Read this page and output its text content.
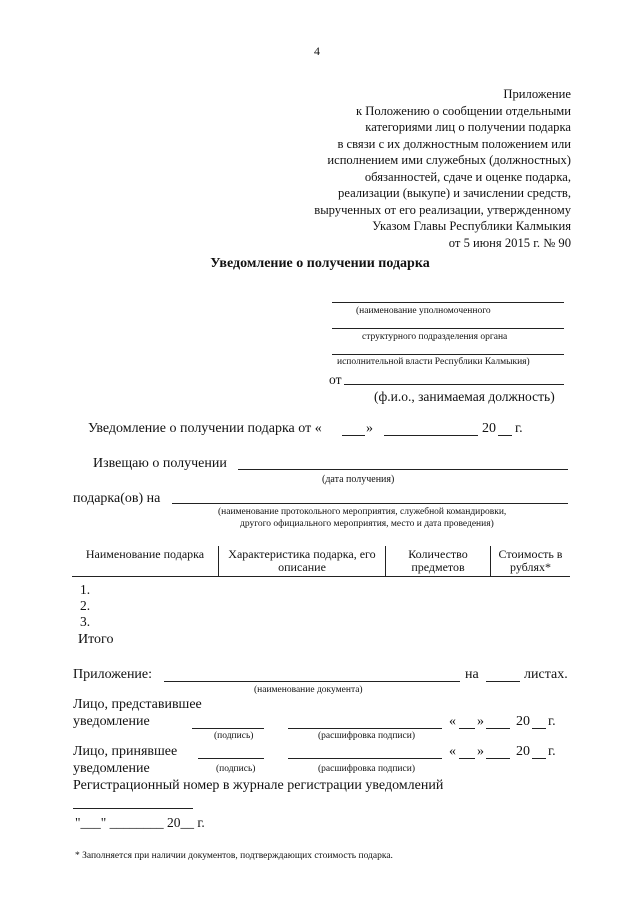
4
Приложение
к Положению о сообщении отдельными
категориями лиц о получении подарка
в связи с их должностным положением или
исполнением ими служебных (должностных)
обязанностей, сдаче и оценке подарка,
реализации (выкупе) и зачислении средств,
вырученных от его реализации, утвержденному
Указом Главы Республики Калмыкия
от 5 июня 2015 г. № 90
Уведомление о получении подарка
(наименование уполномоченного
структурного подразделения органа
исполнительной власти Республики Калмыкия)
от
(ф.и.о., занимаемая должность)
Уведомление о получении подарка от «	»	20 г.
Извещаю о получении
(дата получения)
подарка(ов) на
(наименование протокольного мероприятия, служебной командировки,
другого официального мероприятия, место и дата проведения)
Наименование подарка	Характеристика подарка, его описание	Количество предметов	Стоимость в рублях*
1.
2.
3.
Итого
Приложение:	на	листах.
(наименование документа)
Лицо, представившее
уведомление	« » 20 г.
(подпись)	(расшифровка подписи)
Лицо, принявшее	« » 20 г.
уведомление	(подпись)	(расшифровка подписи)
Регистрационный номер в журнале регистрации уведомлений
"___" ________ 20__ г.
* Заполняется при наличии документов, подтверждающих стоимость подарка.
